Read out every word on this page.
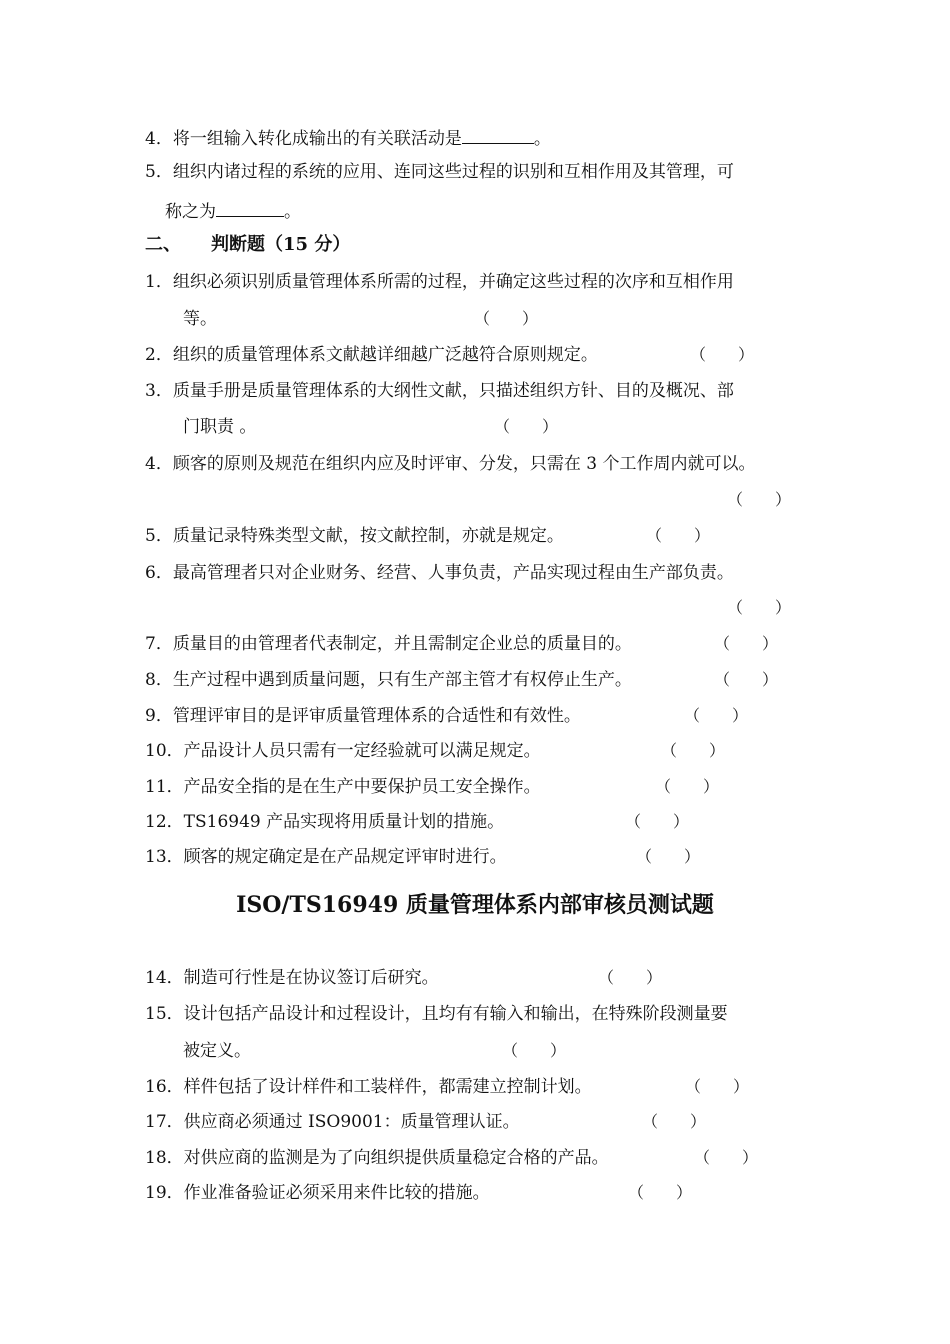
4．将一组输入转化成输出的有关联活动是	。
5．组织内诸过程的系统的应用、连同这些过程的识别和互相作用及其管理，可
称之为	。
二、 判断题（15 分）
1．组织必须识别质量管理体系所需的过程，并确定这些过程的次序和互相作用
等。	（　　）
2．组织的质量管理体系文献越详细越广泛越符合原则规定。	（　　）
3．质量手册是质量管理体系的大纲性文献，只描述组织方针、目的及概况、部
门职责 。	（　　）
4．顾客的原则及规范在组织内应及时评审、分发，只需在 3 个工作周内就可以。
（　　）
5．质量记录特殊类型文献，按文献控制，亦就是规定。	（　　）
6．最高管理者只对企业财务、经营、人事负责，产品实现过程由生产部负责。
（　　）
7．质量目的由管理者代表制定，并且需制定企业总的质量目的。	（　　）
8．生产过程中遇到质量问题，只有生产部主管才有权停止生产。	（　　）
9．管理评审目的是评审质量管理体系的合适性和有效性。	（　　）
10．产品设计人员只需有一定经验就可以满足规定。	（　　）
11．产品安全指的是在生产中要保护员工安全操作。	（　　）
12．TS16949 产品实现将用质量计划的措施。	（　　）
13．顾客的规定确定是在产品规定评审时进行。	（　　）
ISO/TS16949 质量管理体系内部审核员测试题
14．制造可行性是在协议签订后研究。	（　　）
15．设计包括产品设计和过程设计，且均有有输入和输出，在特殊阶段测量要
被定义。	（　　）
16．样件包括了设计样件和工装样件，都需建立控制计划。	（　　）
17．供应商必须通过 ISO9001：质量管理认证。	（　　）
18．对供应商的监测是为了向组织提供质量稳定合格的产品。	（　　）
19．作业准备验证必须采用来件比较的措施。	（　　）
